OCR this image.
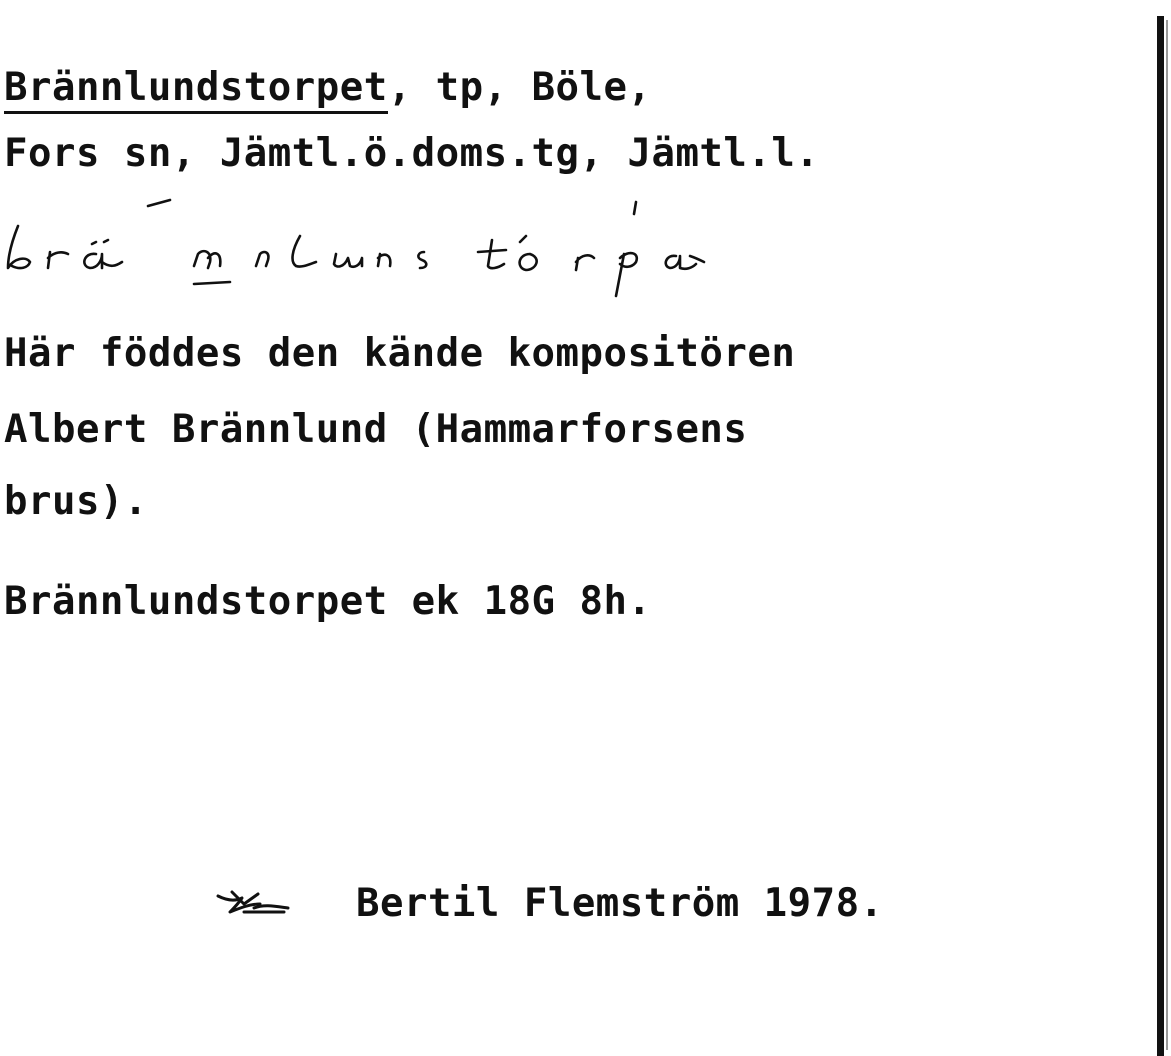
Brännlundstorpet, tp, Böle,
Fors sn, Jämtl.ö.doms.tg, Jämtl.l.
Här föddes den kände kompositören
Albert Brännlund (Hammarforsens
brus).
Brännlundstorpet ek 18G 8h.
Bertil Flemström 1978.
